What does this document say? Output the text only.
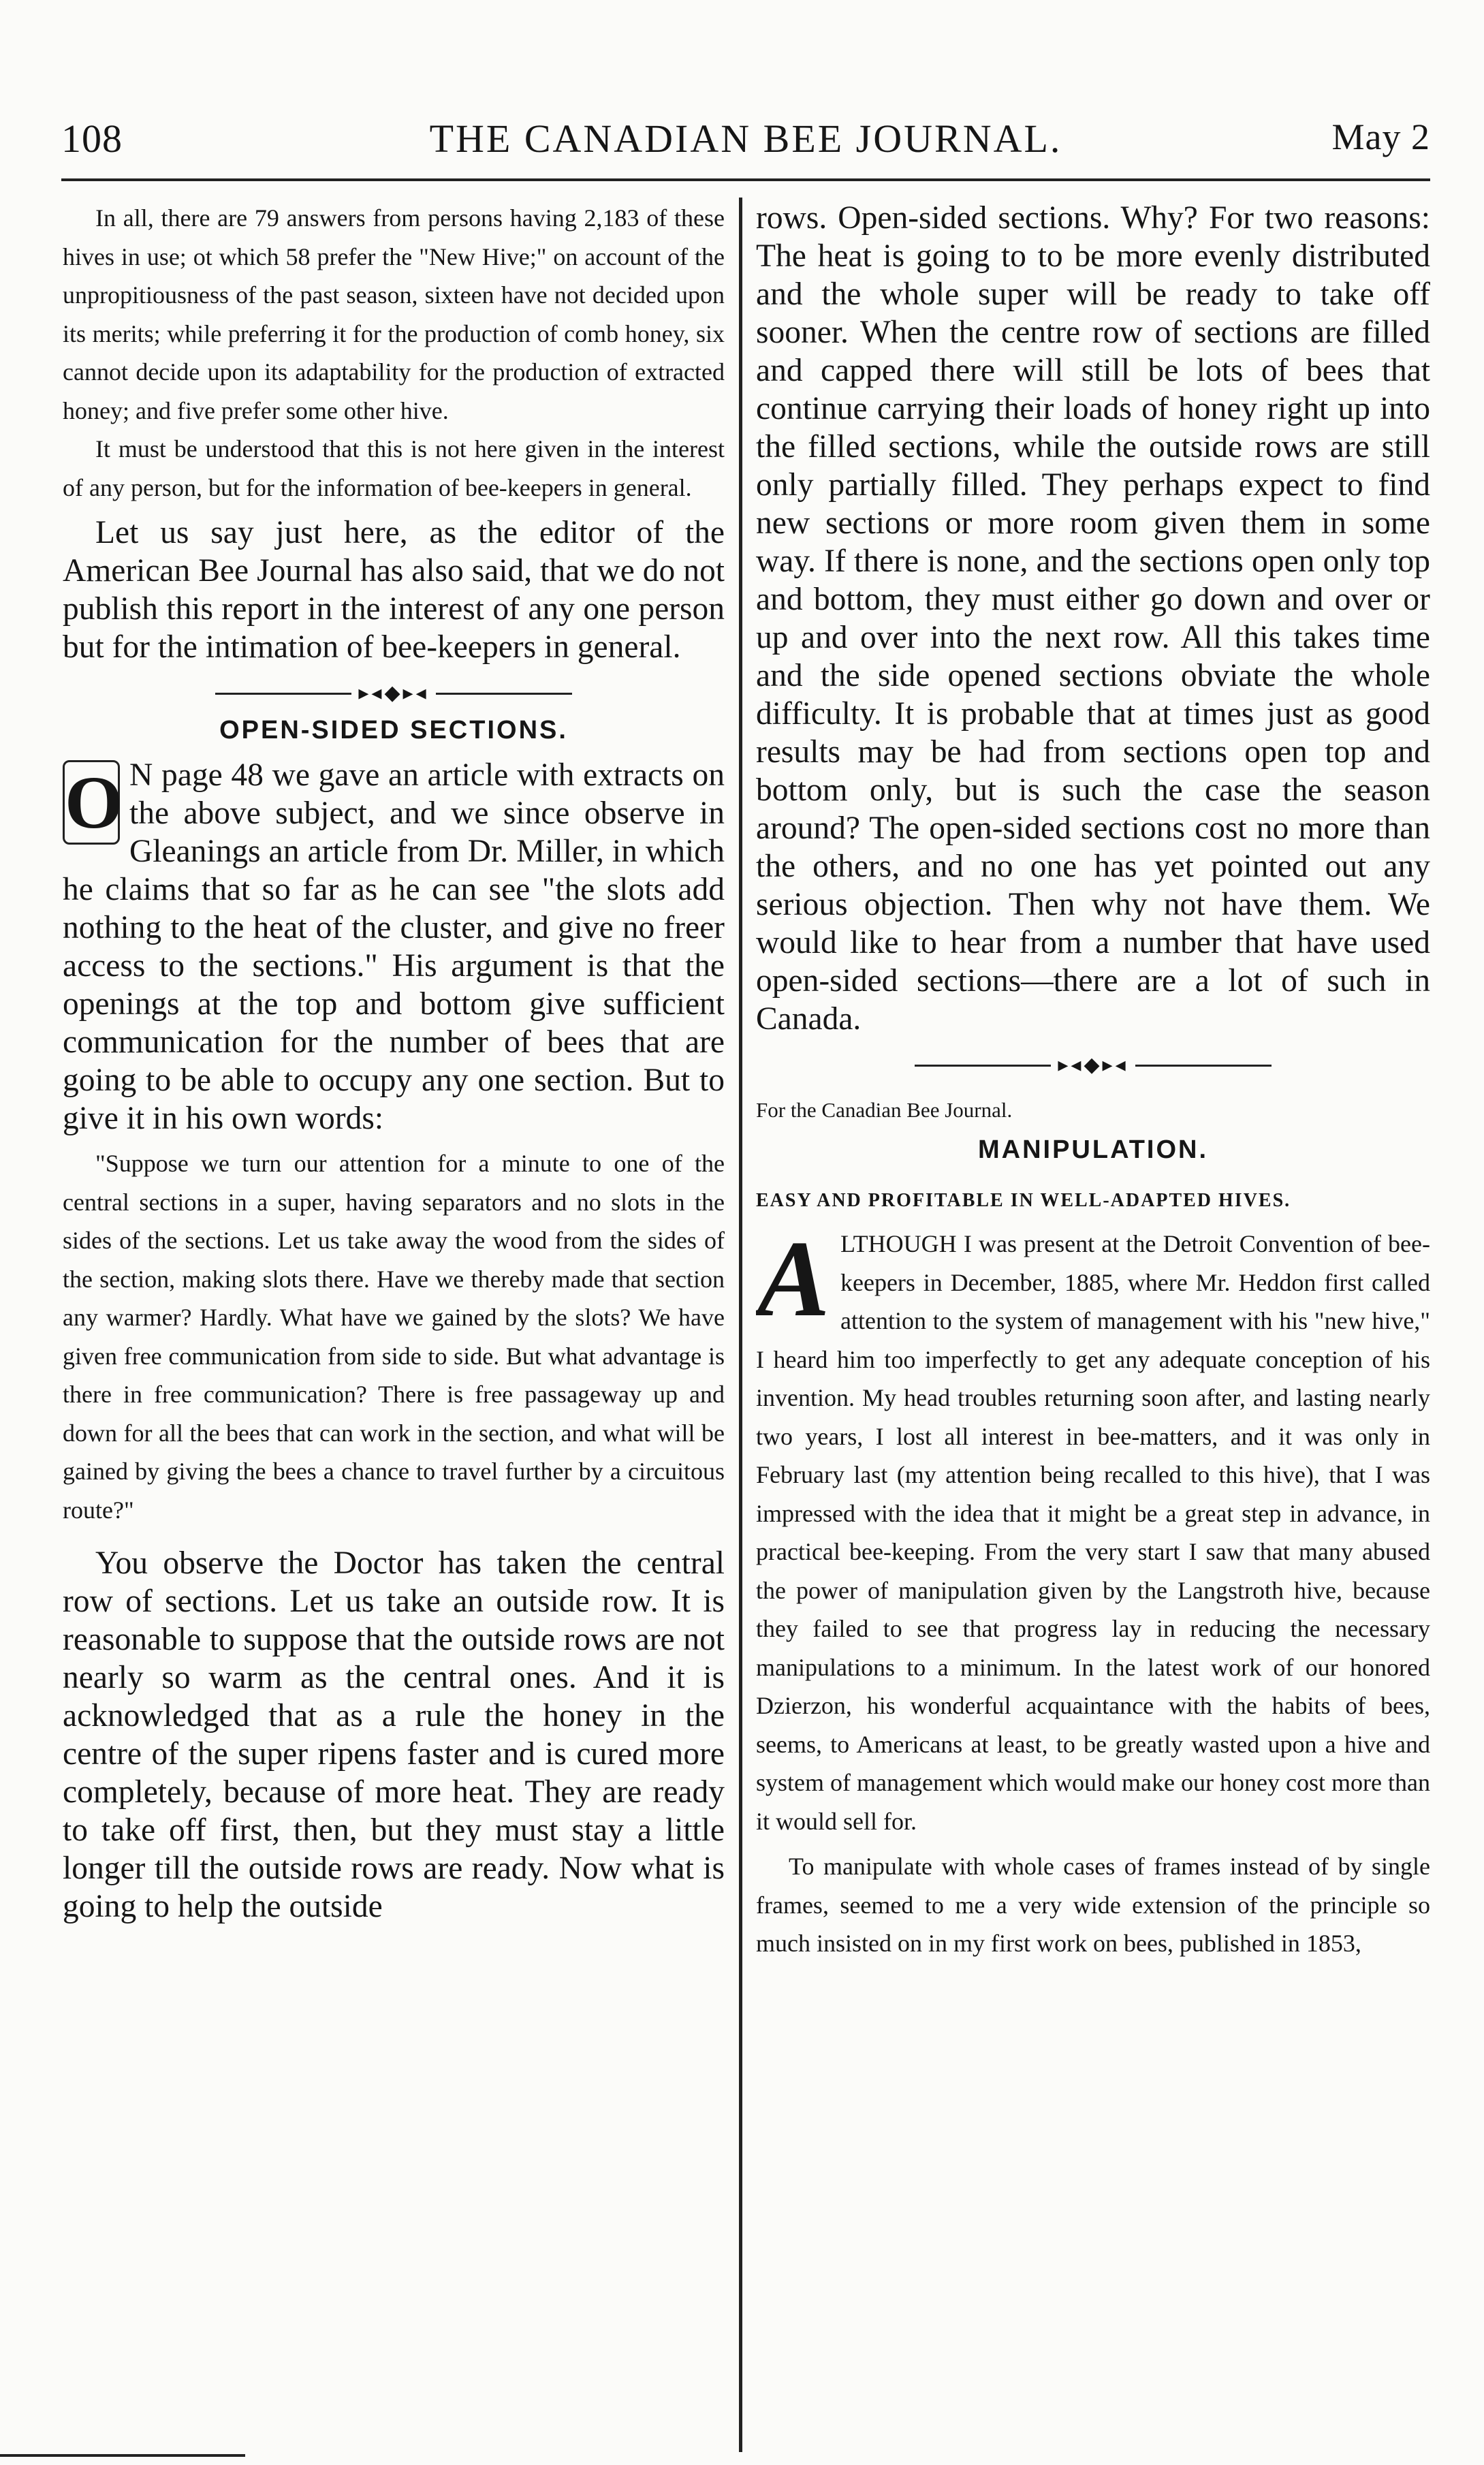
108	THE CANADIAN BEE JOURNAL.	May 2

In all, there are 79 answers from persons having 2,183 of these hives in use; ot which 58 prefer the "New Hive;" on account of the unpropitiousness of the past season, sixteen have not decided upon its merits; while preferring it for the production of comb honey, six cannot decide upon its adaptability for the production of extracted honey; and five prefer some other hive.

It must be understood that this is not here given in the interest of any person, but for the information of bee-keepers in general.

Let us say just here, as the editor of the American Bee Journal has also said, that we do not publish this report in the interest of any one person but for the intimation of bee-keepers in general.

▸◂◆▸◂
OPEN-SIDED SECTIONS.
O N page 48 we gave an article with extracts on the above subject, and we since observe in Gleanings an article from Dr. Miller, in which he claims that so far as he can see "the slots add nothing to the heat of the cluster, and give no freer access to the sections." His argument is that the openings at the top and bottom give sufficient communication for the number of bees that are going to be able to occupy any one section. But to give it in his own words:

"Suppose we turn our attention for a minute to one of the central sections in a super, having separators and no slots in the sides of the sections. Let us take away the wood from the sides of the section, making slots there. Have we thereby made that section any warmer? Hardly. What have we gained by the slots? We have given free communication from side to side. But what advantage is there in free communication? There is free passageway up and down for all the bees that can work in the section, and what will be gained by giving the bees a chance to travel further by a circuitous route?"

You observe the Doctor has taken the central row of sections. Let us take an outside row. It is reasonable to suppose that the outside rows are not nearly so warm as the central ones. And it is acknowledged that as a rule the honey in the centre of the super ripens faster and is cured more completely, because of more heat. They are ready to take off first, then, but they must stay a little longer till the outside rows are ready. Now what is going to help the outside

rows. Open-sided sections. Why? For two reasons: The heat is going to to be more evenly distributed and the whole super will be ready to take off sooner. When the centre row of sections are filled and capped there will still be lots of bees that continue carrying their loads of honey right up into the filled sections, while the outside rows are still only partially filled. They perhaps expect to find new sections or more room given them in some way. If there is none, and the sections open only top and bottom, they must either go down and over or up and over into the next row. All this takes time and the side opened sections obviate the whole difficulty. It is probable that at times just as good results may be had from sections open top and bottom only, but is such the case the season around? The open-sided sections cost no more than the others, and no one has yet pointed out any serious objection. Then why not have them. We would like to hear from a number that have used open-sided sections—there are a lot of such in Canada.

▸◂◆▸◂

For the Canadian Bee Journal.

MANIPULATION.

EASY AND PROFITABLE IN WELL-ADAPTED HIVES.

A LTHOUGH I was present at the Detroit Convention of bee-keepers in December, 1885, where Mr. Heddon first called attention to the system of management with his "new hive," I heard him too imperfectly to get any adequate conception of his invention. My head troubles returning soon after, and lasting nearly two years, I lost all interest in bee-matters, and it was only in February last (my attention being recalled to this hive), that I was impressed with the idea that it might be a great step in advance, in practical bee-keeping. From the very start I saw that many abused the power of manipulation given by the Langstroth hive, because they failed to see that progress lay in reducing the necessary manipulations to a minimum. In the latest work of our honored Dzierzon, his wonderful acquaintance with the habits of bees, seems, to Americans at least, to be greatly wasted upon a hive and system of management which would make our honey cost more than it would sell for.

To manipulate with whole cases of frames instead of by single frames, seemed to me a very wide extension of the principle so much insisted on in my first work on bees, published in 1853,
